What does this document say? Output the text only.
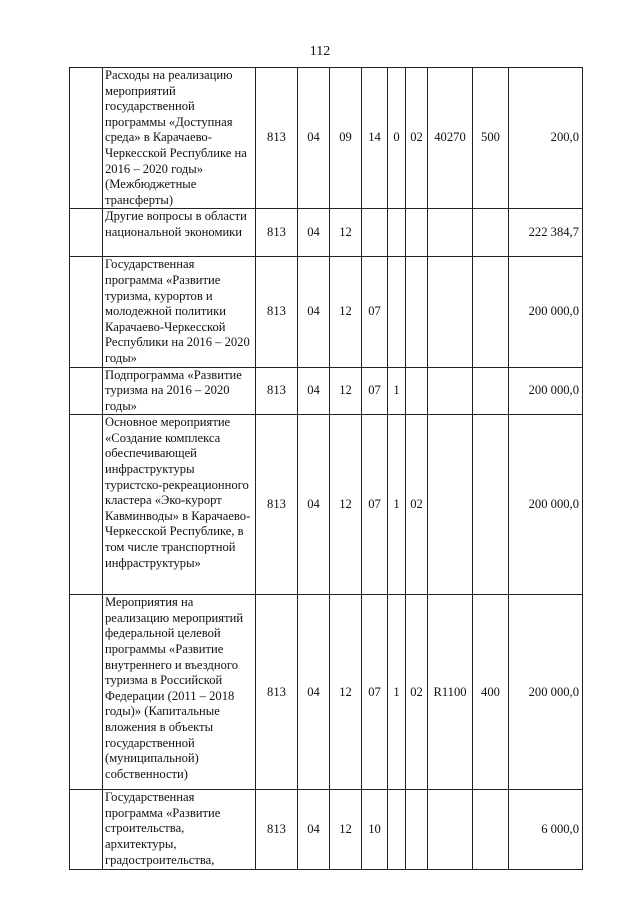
112
	Расходы на реализацию мероприятий государственной программы «Доступная среда» в Карачаево-Черкесской Республике на 2016 – 2020 годы» (Межбюджетные трансферты)	813	04	09	14	0	02	40270	500	200,0
	Другие вопросы в области национальной экономики	813	04	12						222 384,7
	Государственная программа «Развитие туризма, курортов и молодежной политики Карачаево-Черкесской Республики на 2016 – 2020 годы»	813	04	12	07					200 000,0
	Подпрограмма «Развитие туризма на 2016 – 2020 годы»	813	04	12	07	1				200 000,0
	Основное мероприятие «Создание комплекса обеспечивающей инфраструктуры туристско-рекреационного кластера «Эко-курорт Кавминводы» в Карачаево-Черкесской Республике, в том числе транспортной инфраструктуры»	813	04	12	07	1	02			200 000,0
	Мероприятия на реализацию мероприятий федеральной целевой программы «Развитие внутреннего и въездного туризма в Российской Федерации (2011 – 2018 годы)» (Капитальные вложения в объекты государственной (муниципальной) собственности)	813	04	12	07	1	02	R1100	400	200 000,0
	Государственная программа «Развитие строительства, архитектуры, градостроительства,	813	04	12	10					6 000,0
